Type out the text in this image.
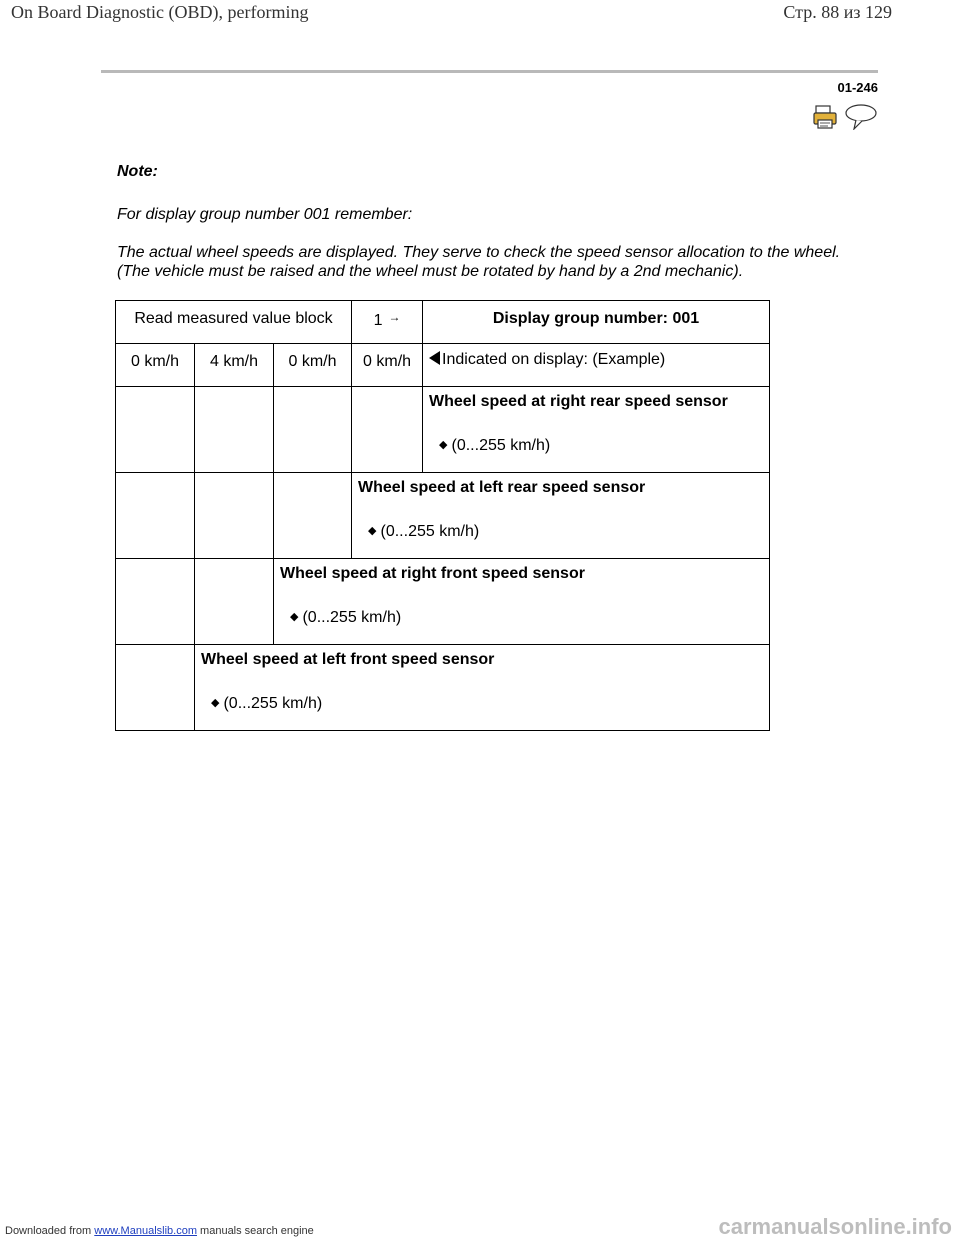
On Board Diagnostic (OBD), performing	Стр. 88 из 129
01-246
Note:
For display group number 001 remember:
The actual wheel speeds are displayed. They serve to check the speed sensor allocation to the wheel. (The vehicle must be raised and the wheel must be rotated by hand by a 2nd mechanic).
Read measured value block			1 →	Display group number: 001
0 km/h	4 km/h	0 km/h	0 km/h	Indicated on display: (Example)

				Wheel speed at right rear speed sensor
◆ (0...255 km/h)

			Wheel speed at left rear speed sensor
◆ (0...255 km/h)	

		Wheel speed at right front speed sensor
◆ (0...255 km/h)		

	Wheel speed at left front speed sensor
◆ (0...255 km/h)			
Downloaded from www.Manualslib.com manuals search engine	carmanualsonline.info
